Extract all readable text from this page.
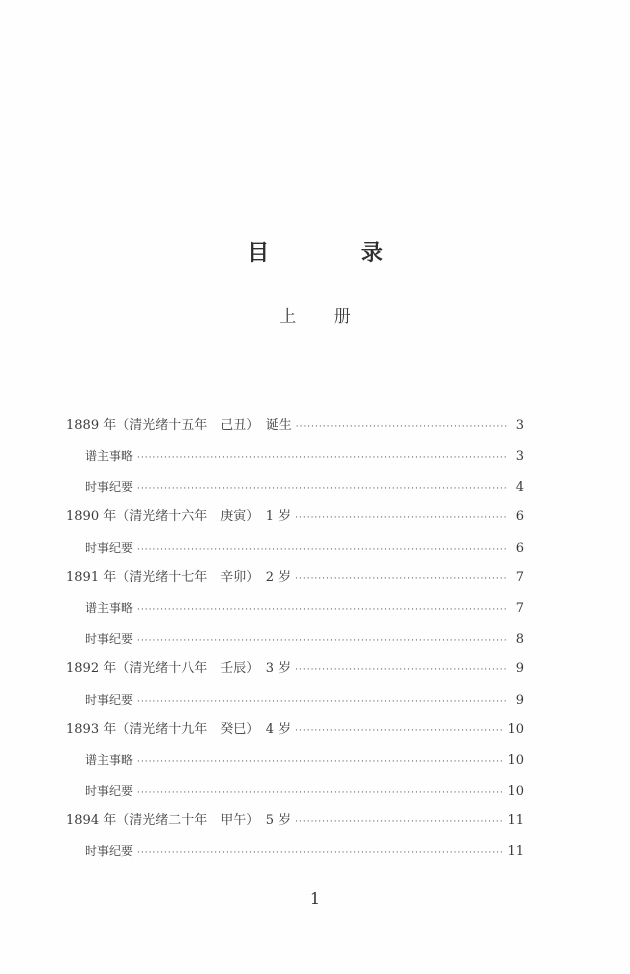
目 录
上 册
1889 年（清光绪十五年　己丑）　诞生 ·····	3
谱主事略 ·····	3
时事纪要 ·····	4
1890 年（清光绪十六年　庚寅）　1 岁 ·····	6
时事纪要 ·····	6
1891 年（清光绪十七年　辛卯）　2 岁 ·····	7
谱主事略 ·····	7
时事纪要 ·····	8
1892 年（清光绪十八年　壬辰）　3 岁 ·····	9
时事纪要 ·····	9
1893 年（清光绪十九年　癸巳）　4 岁 ·····	10
谱主事略 ·····	10
时事纪要 ·····	10
1894 年（清光绪二十年　甲午）　5 岁 ·····	11
时事纪要 ·····	11
1
